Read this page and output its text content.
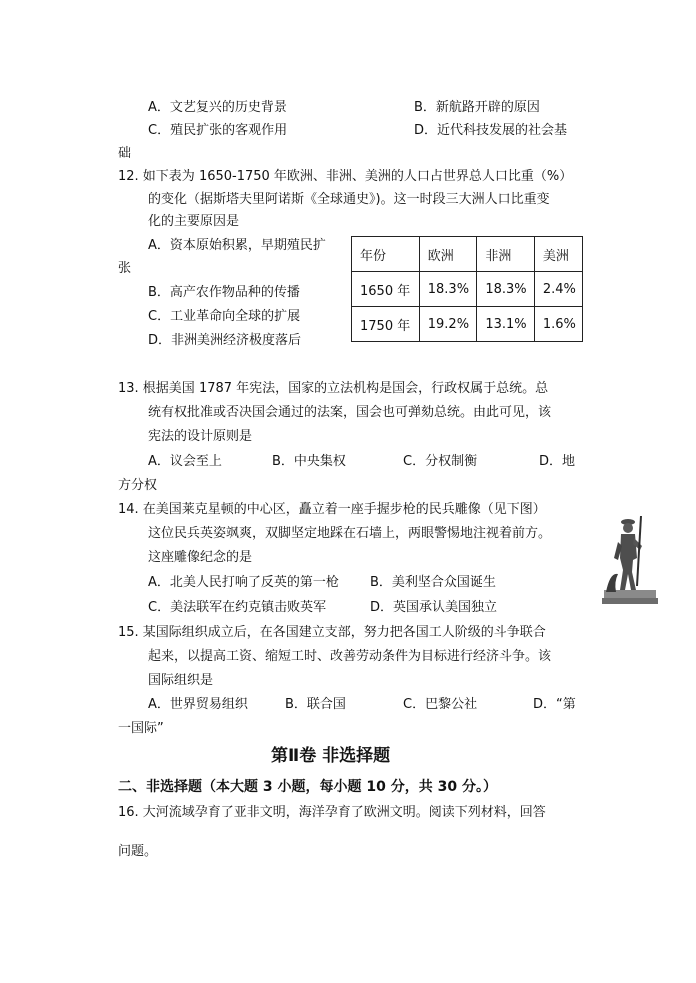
A．文艺复兴的历史背景	B．新航路开辟的原因
C．殖民扩张的客观作用	D．近代科技发展的社会基
础
12. 如下表为 1650-1750 年欧洲、非洲、美洲的人口占世界总人口比重（%）
的变化（据斯塔夫里阿诺斯《全球通史》)。这一时段三大洲人口比重变
化的主要原因是
A．资本原始积累，早期殖民扩
张
B．高产农作物品种的传播
C．工业革命向全球的扩展
D．非洲美洲经济极度落后
年份	欧洲	非洲	美洲
1650 年	18.3%	18.3%	2.4%
1750 年	19.2%	13.1%	1.6%
13. 根据美国 1787 年宪法，国家的立法机构是国会，行政权属于总统。总
统有权批准或否决国会通过的法案，国会也可弹劾总统。由此可见，该
宪法的设计原则是
A．议会至上	B．中央集权	C．分权制衡	D．地
方分权
14. 在美国莱克星顿的中心区，矗立着一座手握步枪的民兵雕像（见下图）
这位民兵英姿飒爽，双脚坚定地踩在石墙上，两眼警惕地注视着前方。
这座雕像纪念的是
A．北美人民打响了反英的第一枪 B．美利坚合众国诞生
C．美法联军在约克镇击败英军	D．英国承认美国独立
15. 某国际组织成立后，在各国建立支部，努力把各国工人阶级的斗争联合
起来，以提高工资、缩短工时、改善劳动条件为目标进行经济斗争。该
国际组织是
A．世界贸易组织	B．联合国	C．巴黎公社	D．“第
一国际”
第Ⅱ卷 非选择题
二、非选择题（本大题 3 小题，每小题 10 分，共 30 分。）
16. 大河流域孕育了亚非文明，海洋孕育了欧洲文明。阅读下列材料，回答
问题。
